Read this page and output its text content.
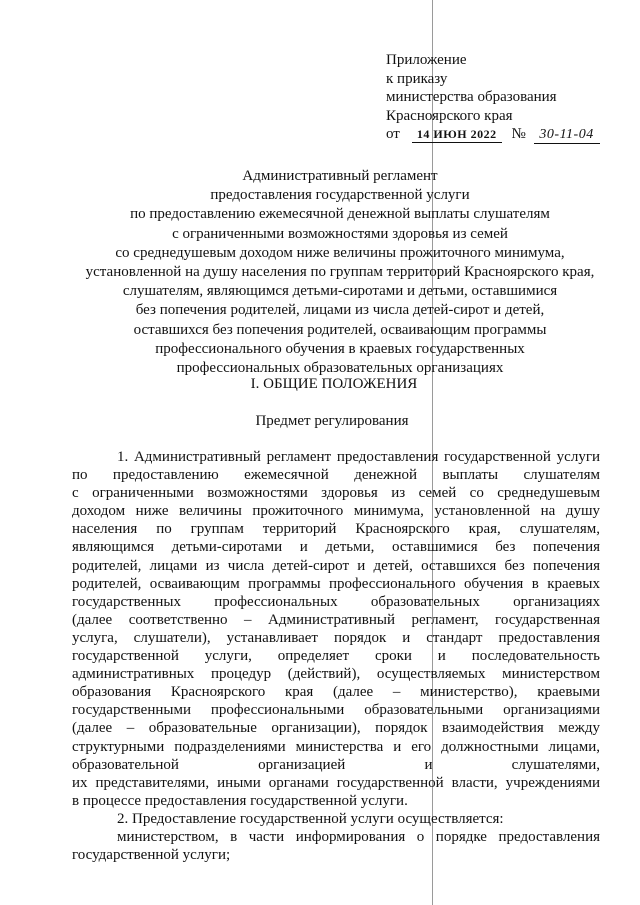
Приложение
к приказу
министерства образования
Красноярского края
от 14 ИЮН 2022 № 30-11-04
Административный регламент
предоставления государственной услуги
по предоставлению ежемесячной денежной выплаты слушателям
с ограниченными возможностями здоровья из семей
со среднедушевым доходом ниже величины прожиточного минимума,
установленной на душу населения по группам территорий Красноярского края,
слушателям, являющимся детьми-сиротами и детьми, оставшимися
без попечения родителей, лицами из числа детей-сирот и детей,
оставшихся без попечения родителей, осваивающим программы
профессионального обучения в краевых государственных
профессиональных образовательных организациях
I. ОБЩИЕ ПОЛОЖЕНИЯ
Предмет регулирования
1. Административный регламент предоставления государственной услуги
по предоставлению ежемесячной денежной выплаты слушателям
с ограниченными возможностями здоровья из семей со среднедушевым
доходом ниже величины прожиточного минимума, установленной на душу
населения по группам территорий Красноярского края, слушателям,
являющимся детьми-сиротами и детьми, оставшимися без попечения
родителей, лицами из числа детей-сирот и детей, оставшихся без попечения
родителей, осваивающим программы профессионального обучения в краевых
государственных профессиональных образовательных организациях
(далее соответственно – Административный регламент, государственная
услуга, слушатели), устанавливает порядок и стандарт предоставления
государственной услуги, определяет сроки и последовательность
административных процедур (действий), осуществляемых министерством
образования Красноярского края (далее – министерство), краевыми
государственными профессиональными образовательными организациями
(далее – образовательные организации), порядок взаимодействия между
структурными подразделениями министерства и его должностными лицами,
образовательной организацией и слушателями,
их представителями, иными органами государственной власти, учреждениями
в процессе предоставления государственной услуги.
2. Предоставление государственной услуги осуществляется:
министерством, в части информирования о порядке предоставления
государственной услуги;
